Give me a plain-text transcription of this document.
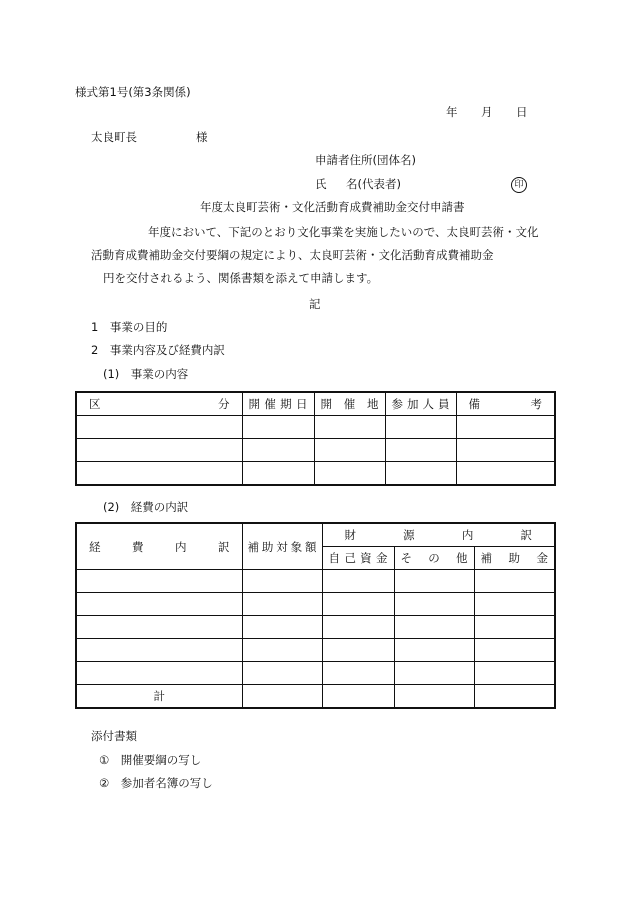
様式第1号(第3条関係)
年 月 日
太良町長	様
申請者住所(団体名)
氏 名(代表者)	印
年度太良町芸術・文化活動育成費補助金交付申請書
年度において、下記のとおり文化事業を実施したいので、太良町芸術・文化
活動育成費補助金交付要綱の規定により、太良町芸術・文化活動育成費補助金
円を交付されるよう、関係書類を添えて申請します。
記
1　事業の目的
2　事業内容及び経費内訳
(1)　事業の内容
区 分	開 催 期 日	開 催 地	参 加 人 員	備 考

(2)　経費の内訳
経 費 内 訳	補 助 対 象 額	財 源 内 訳		

		自 己 資 金	そ の 他	補 助 金

計				
添付書類
①　開催要綱の写し
②　参加者名簿の写し
